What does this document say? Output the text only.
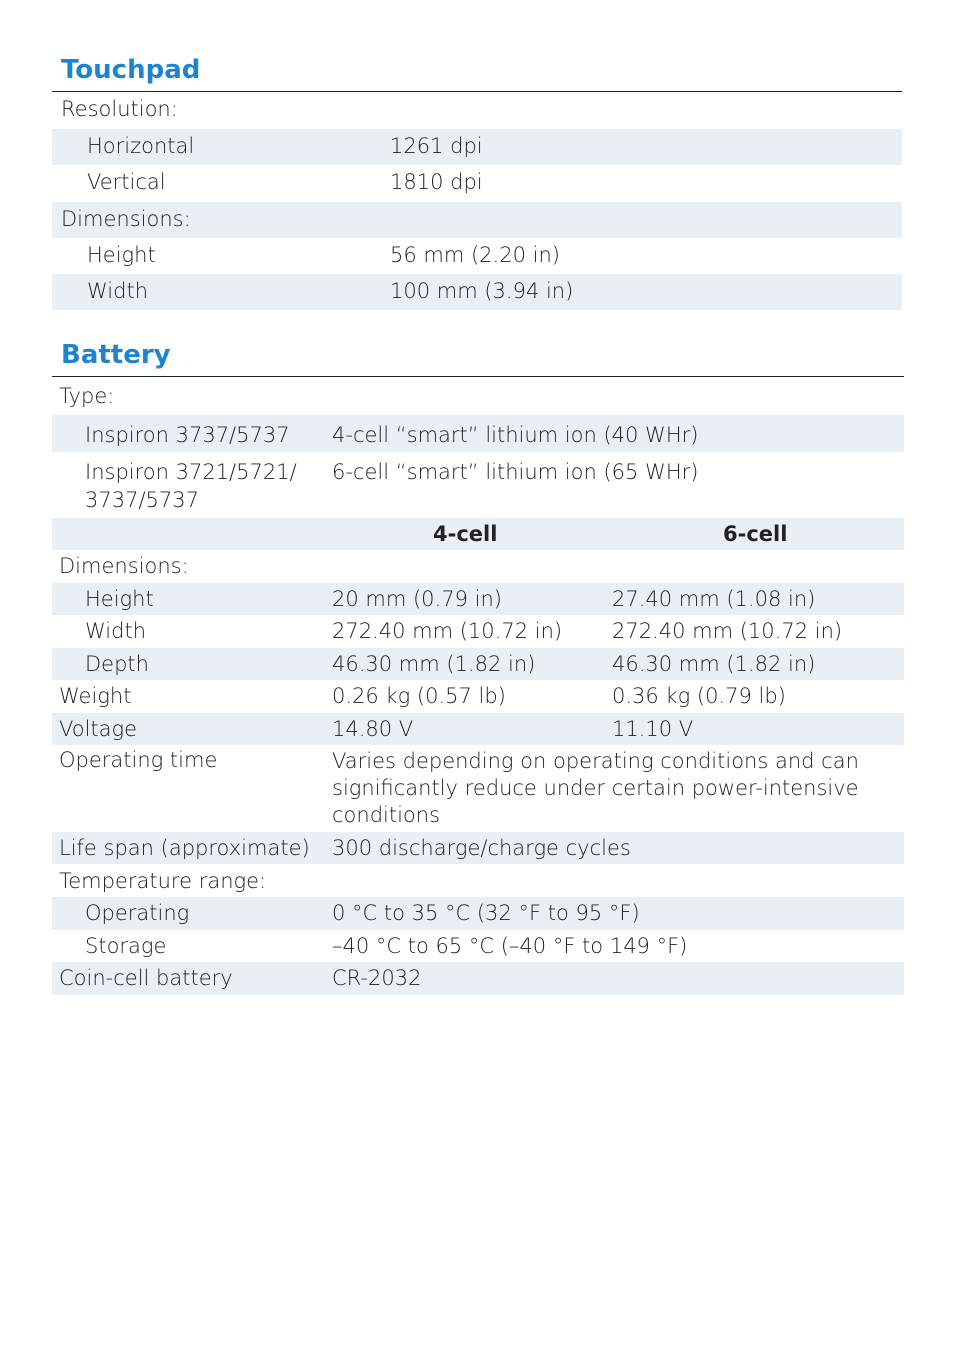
Touchpad
Resolution:
Horizontal	1261 dpi
Vertical	1810 dpi
Dimensions:
Height	56 mm (2.20 in)
Width	100 mm (3.94 in)
Battery
Type:
Inspiron 3737/5737 4-cell “smart” lithium ion (40 WHr)
Inspiron 3721/5721/
3737/5737
6-cell “smart” lithium ion (65 WHr)
4-cell	6-cell
Dimensions:
Height	20 mm (0.79 in)	27.40 mm (1.08 in)
Width	272.40 mm (10.72 in) 272.40 mm (10.72 in)
Depth	46.30 mm (1.82 in)	46.30 mm (1.82 in)
Weight	0.26 kg (0.57 lb)	0.36 kg (0.79 lb)
Voltage	14.80 V	11.10 V
Operating time	Varies depending on operating conditions and can significantly reduce under certain power-intensive conditions
Life span (approximate) 300 discharge/charge cycles
Temperature range:
Operating	0 °C to 35 °C (32 °F to 95 °F)
Storage	–40 °C to 65 °C (–40 °F to 149 °F)
Coin-cell battery	CR-2032
